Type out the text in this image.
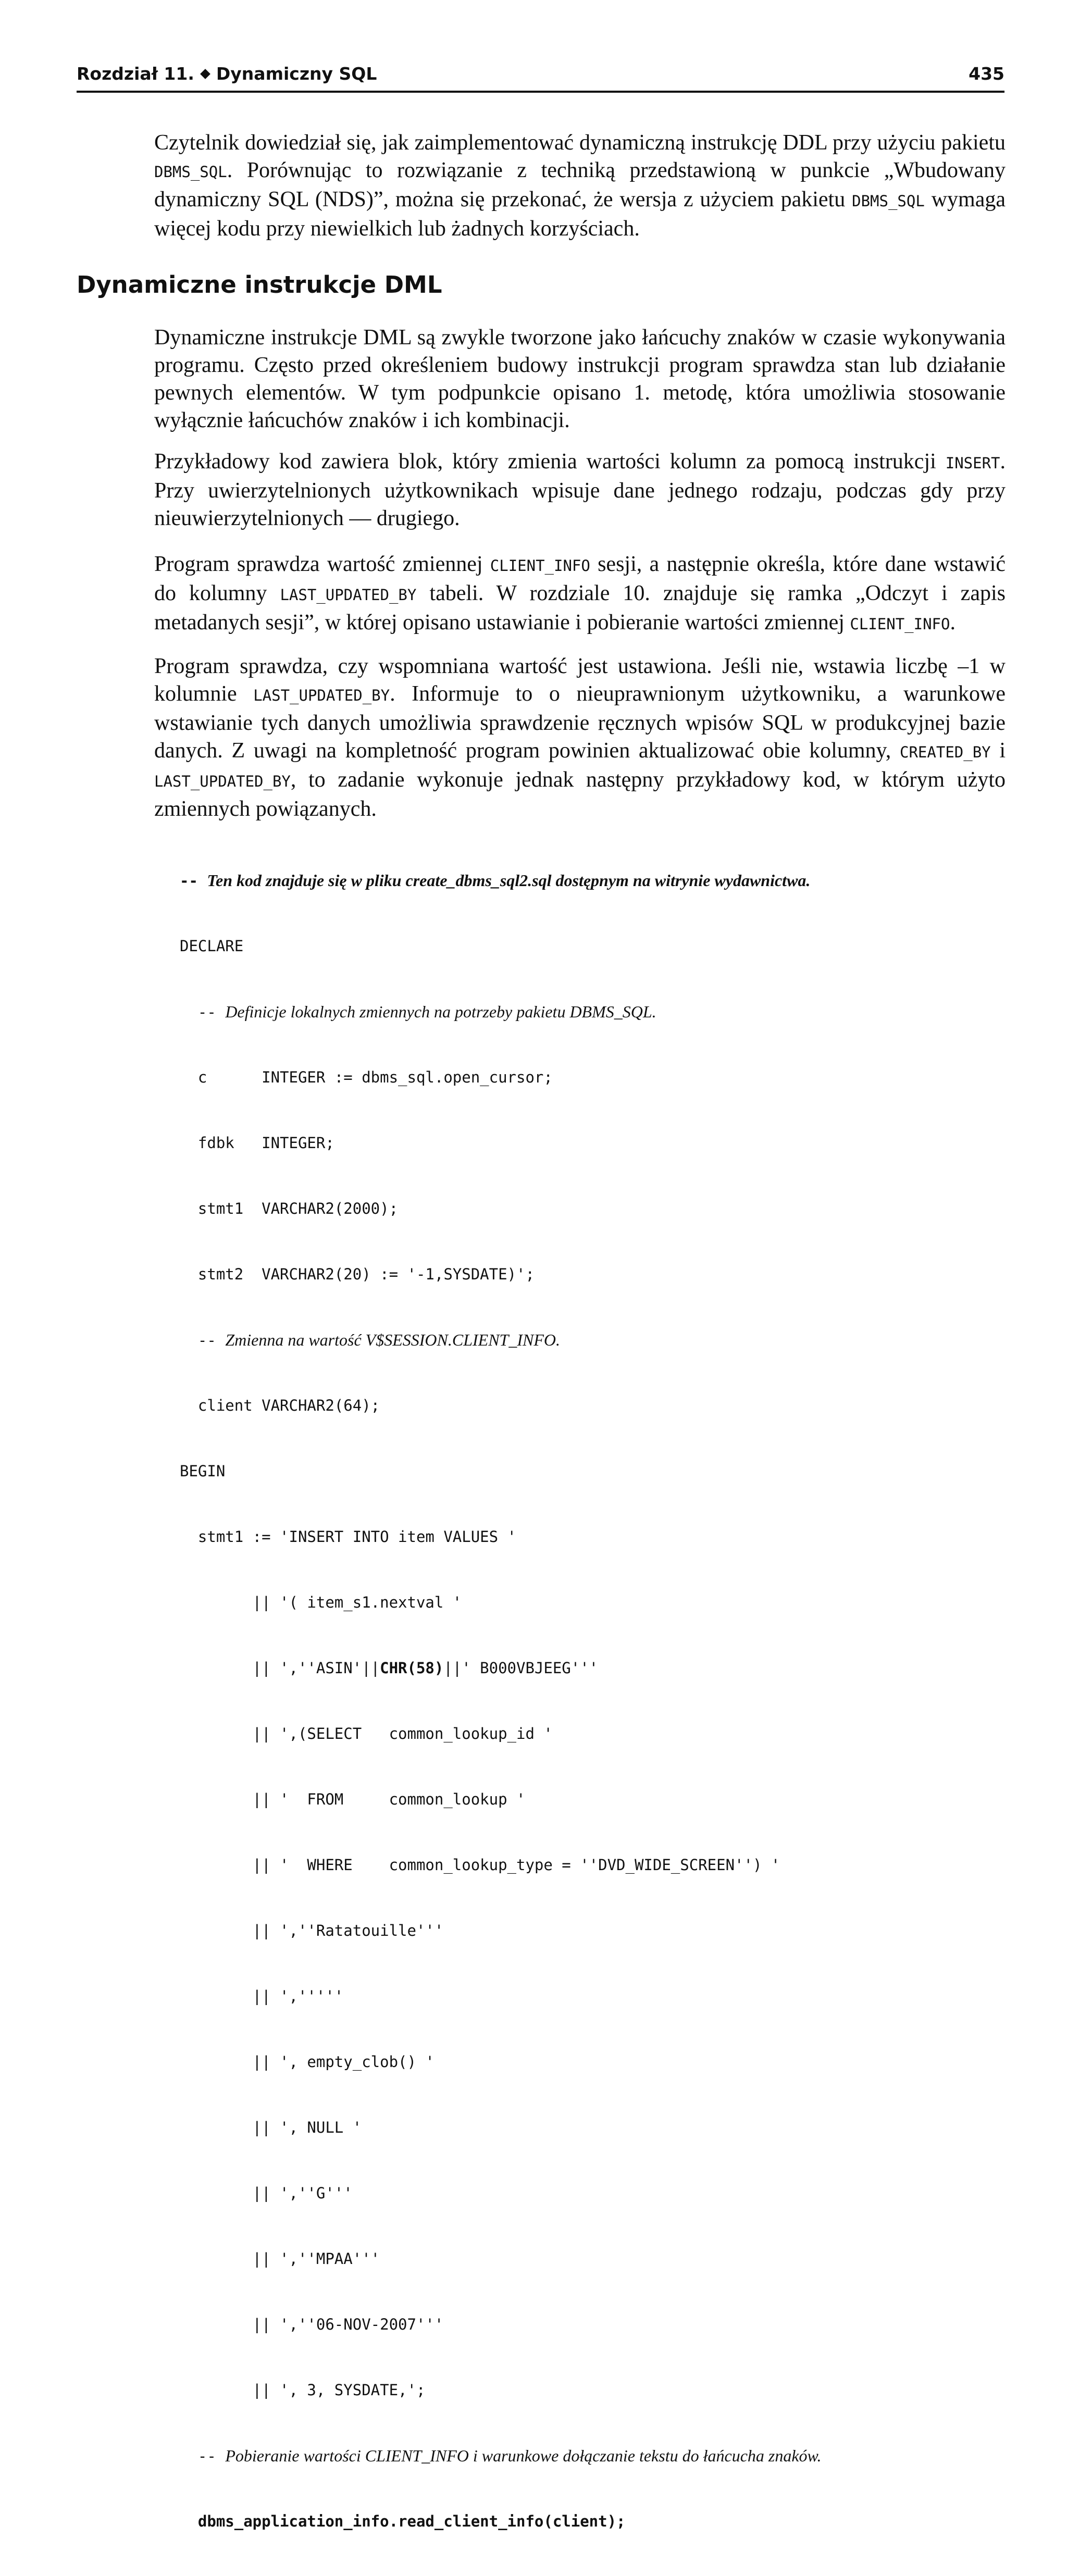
Rozdział 11. Dynamiczny SQL	435

Czytelnik dowiedział się, jak zaimplementować dynamiczną instrukcję DDL przy użyciu pakietu DBMS_SQL. Porównując to rozwiązanie z techniką przedstawioną w punkcie „Wbudowany dynamiczny SQL (NDS)”, można się przekonać, że wersja z użyciem pakietu DBMS_SQL wymaga więcej kodu przy niewielkich lub żadnych korzyściach.

Dynamiczne instrukcje DML

Dynamiczne instrukcje DML są zwykle tworzone jako łańcuchy znaków w czasie wykonywania programu. Często przed określeniem budowy instrukcji program sprawdza stan lub działanie pewnych elementów. W tym podpunkcie opisano 1. metodę, która umożliwia stosowanie wyłącznie łańcuchów znaków i ich kombinacji.

Przykładowy kod zawiera blok, który zmienia wartości kolumn za pomocą instrukcji INSERT. Przy uwierzytelnionych użytkownikach wpisuje dane jednego rodzaju, podczas gdy przy nieuwierzytelnionych — drugiego.

Program sprawdza wartość zmiennej CLIENT_INFO sesji, a następnie określa, które dane wstawić do kolumny LAST_UPDATED_BY tabeli. W rozdziale 10. znajduje się ramka „Odczyt i zapis metadanych sesji”, w której opisano ustawianie i pobieranie wartości zmiennej CLIENT_INFO.

Program sprawdza, czy wspomniana wartość jest ustawiona. Jeśli nie, wstawia liczbę –1 w kolumnie LAST_UPDATED_BY. Informuje to o nieuprawnionym użytkowniku, a warunkowe wstawianie tych danych umożliwia sprawdzenie ręcznych wpisów SQL w produkcyjnej bazie danych. Z uwagi na kompletność program powinien aktualizować obie kolumny, CREATED_BY i LAST_UPDATED_BY, to zadanie wykonuje jednak następny przykładowy kod, w którym użyto zmiennych powiązanych.

-- Ten kod znajduje się w pliku create_dbms_sql2.sql dostępnym na witrynie wydawnictwa.

DECLARE

-- Definicje lokalnych zmiennych na potrzeby pakietu DBMS_SQL.

c      INTEGER := dbms_sql.open_cursor;

fdbk   INTEGER;

stmt1  VARCHAR2(2000);

stmt2  VARCHAR2(20) := '-1,SYSDATE)';

-- Zmienna na wartość V$SESSION.CLIENT_INFO.

client VARCHAR2(64);

BEGIN

stmt1 := 'INSERT INTO item VALUES '

|| '( item_s1.nextval '

|| ',''ASIN'||CHR(58)||' B000VBJEEG'''

|| ',(SELECT   common_lookup_id '

|| '  FROM     common_lookup '

|| '  WHERE    common_lookup_type = ''DVD_WIDE_SCREEN'') '

|| ',''Ratatouille'''

|| ','''''

|| ', empty_clob() '

|| ', NULL '

|| ',''G'''

|| ',''MPAA'''

|| ',''06-NOV-2007'''

|| ', 3, SYSDATE,';

-- Pobieranie wartości CLIENT_INFO i warunkowe dołączanie tekstu do łańcucha znaków.

dbms_application_info.read_client_info(client);
